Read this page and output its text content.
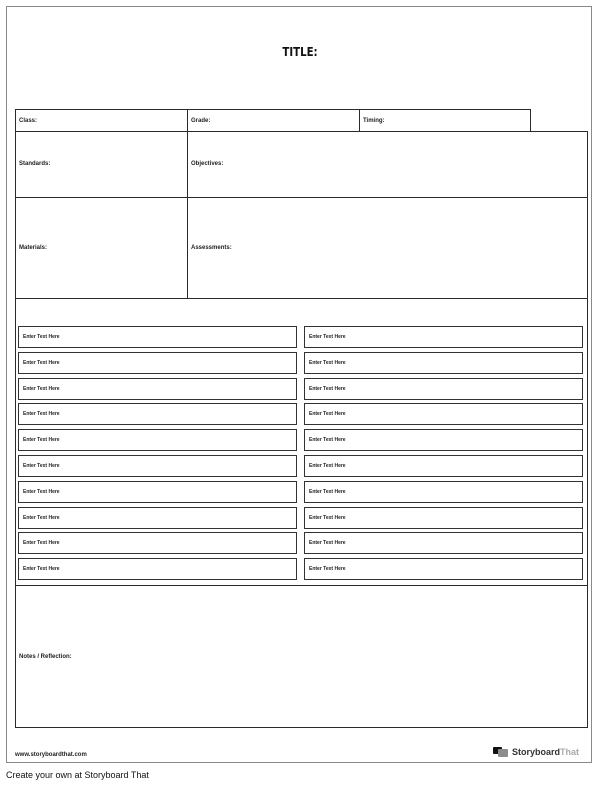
TITLE:
Class:	Grade:	Timing:
Standards:	Objectives:
Materials:	Assessments:
Enter Text Here
Enter Text Here
Enter Text Here
Enter Text Here
Enter Text Here
Enter Text Here
Enter Text Here
Enter Text Here
Enter Text Here
Enter Text Here
Enter Text Here
Enter Text Here
Enter Text Here
Enter Text Here
Enter Text Here
Enter Text Here
Enter Text Here
Enter Text Here
Enter Text Here
Enter Text Here
Notes / Reflection:
www.storyboardthat.com	Storyboard That
Create your own at Storyboard That
